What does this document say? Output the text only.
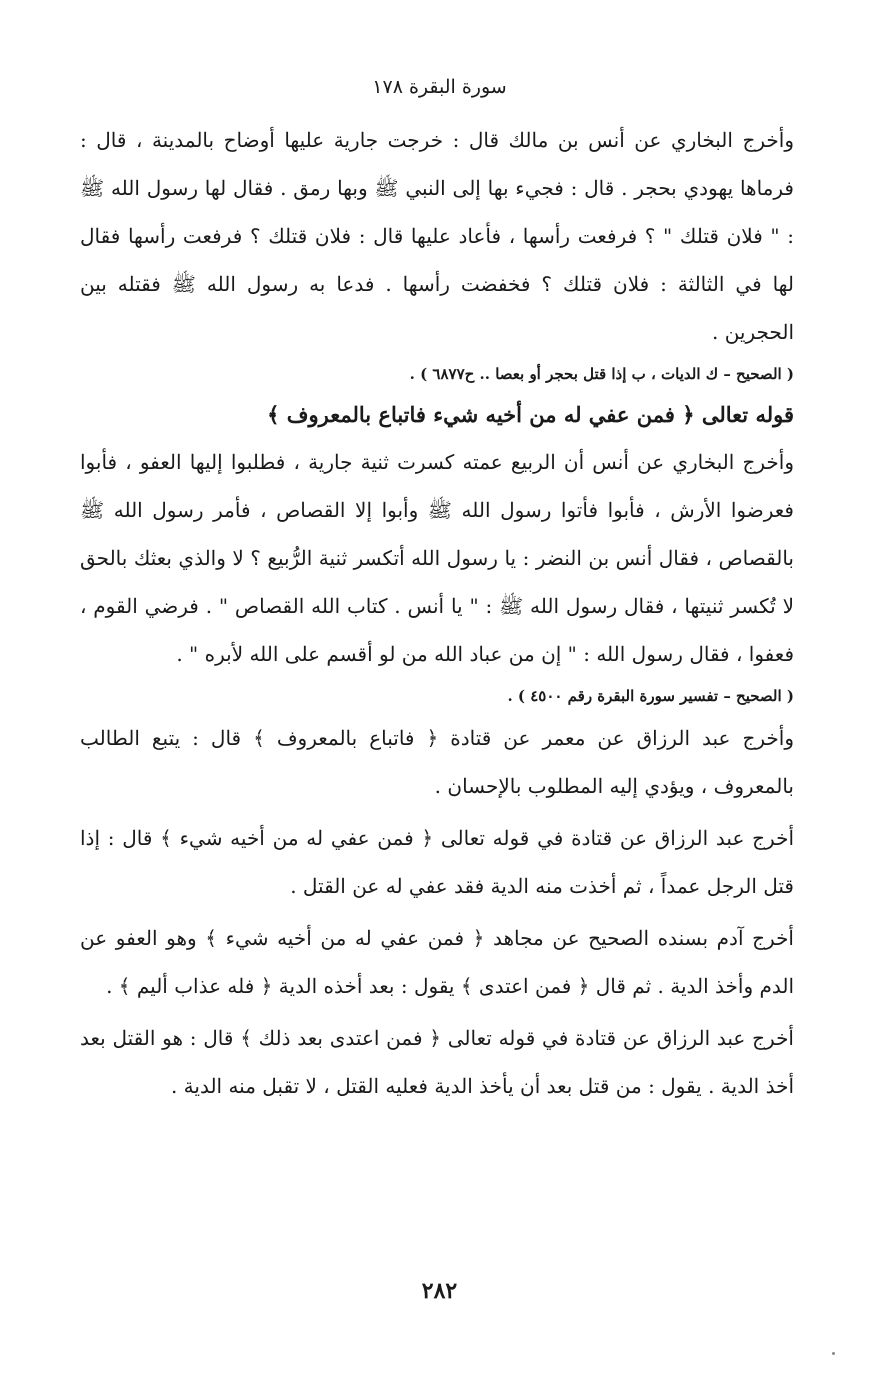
سورة البقرة ١٧٨

وأخرج البخاري عن أنس بن مالك قال : خرجت جارية عليها أوضاح بالمدينة ، قال : فرماها يهودي بحجر . قال : فجيء بها إلى النبي ﷺ وبها رمق . فقال لها رسول الله ﷺ : " فلان قتلك " ؟ فرفعت رأسها ، فأعاد عليها قال : فلان قتلك ؟ فرفعت رأسها فقال لها في الثالثة : فلان قتلك ؟ فخفضت رأسها . فدعا به رسول الله ﷺ فقتله بين الحجرين .

( الصحيح – ك الديات ، ب إذا قتل بحجر أو بعصا .. ح٦٨٧٧ ) .

قوله تعالى ﴿ فمن عفي له من أخيه شيء فاتباع بالمعروف ﴾

وأخرج البخاري عن أنس أن الربيع عمته كسرت ثنية جارية ، فطلبوا إليها العفو ، فأبوا فعرضوا الأرش ، فأبوا فأتوا رسول الله ﷺ وأبوا إلا القصاص ، فأمر رسول الله ﷺ بالقصاص ، فقال أنس بن النضر : يا رسول الله أتكسر ثنية الرُّبيع ؟ لا والذي بعثك بالحق لا تُكسر ثنيتها ، فقال رسول الله ﷺ : " يا أنس . كتاب الله القصاص " . فرضي القوم ، فعفوا ، فقال رسول الله : " إن من عباد الله من لو أقسم على الله لأبره " .

( الصحيح – تفسير سورة البقرة رقم ٤٥٠٠ ) .

وأخرج عبد الرزاق عن معمر عن قتادة ﴿ فاتباع بالمعروف ﴾ قال : يتبع الطالب بالمعروف ، ويؤدي إليه المطلوب بالإحسان .

أخرج عبد الرزاق عن قتادة في قوله تعالى ﴿ فمن عفي له من أخيه شيء ﴾ قال : إذا قتل الرجل عمداً ، ثم أخذت منه الدية فقد عفي له عن القتل .

أخرج آدم بسنده الصحيح عن مجاهد ﴿ فمن عفي له من أخيه شيء ﴾ وهو العفو عن الدم وأخذ الدية . ثم قال ﴿ فمن اعتدى ﴾ يقول : بعد أخذه الدية ﴿ فله عذاب أليم ﴾ .

أخرج عبد الرزاق عن قتادة في قوله تعالى ﴿ فمن اعتدى بعد ذلك ﴾ قال : هو القتل بعد أخذ الدية . يقول : من قتل بعد أن يأخذ الدية فعليه القتل ، لا تقبل منه الدية .

٢٨٢
